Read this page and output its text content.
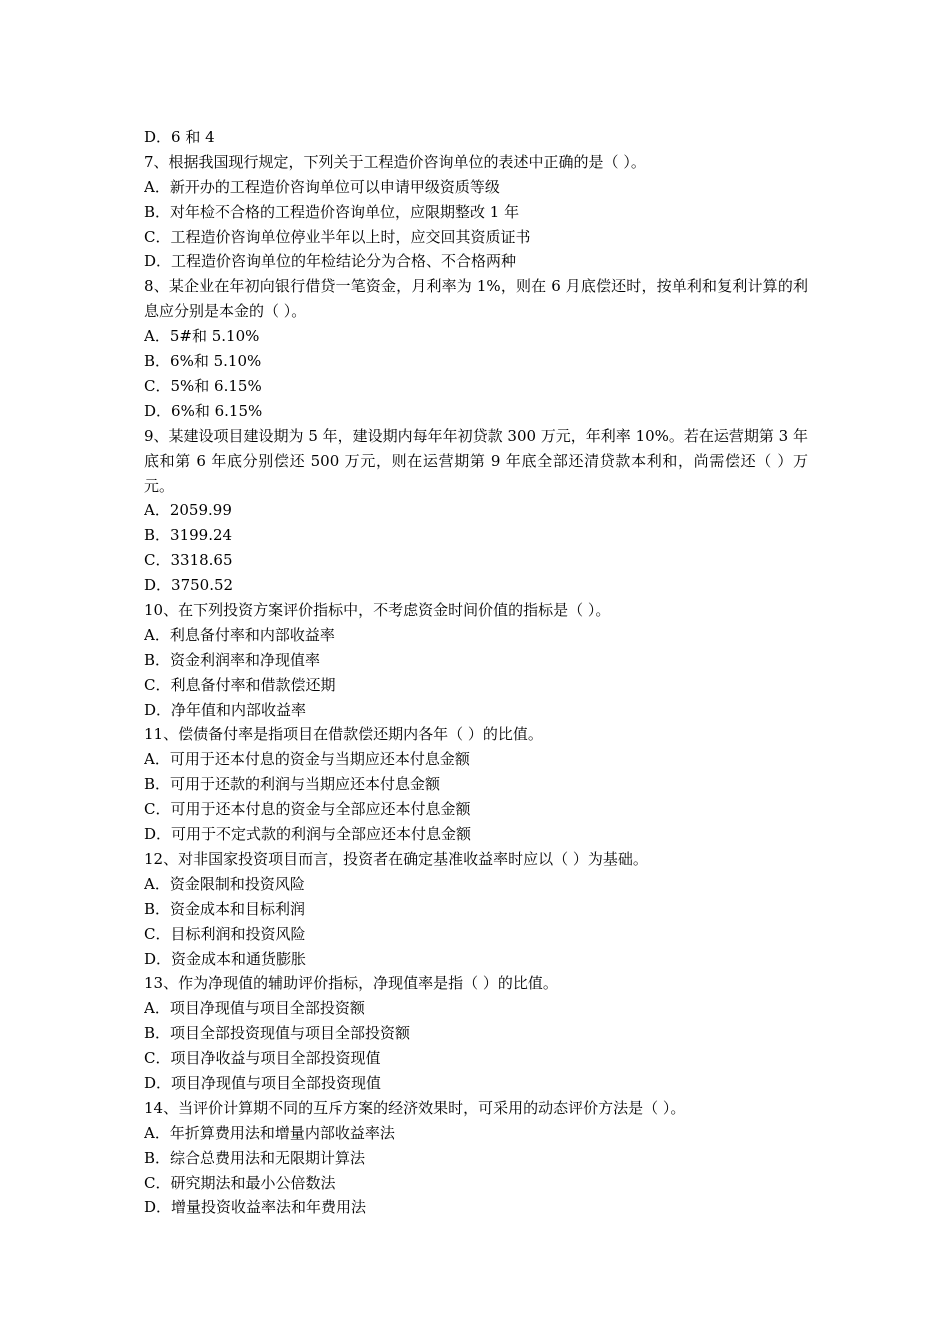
D．6 和 4
7、根据我国现行规定，下列关于工程造价咨询单位的表述中正确的是（ ）。
A．新开办的工程造价咨询单位可以申请甲级资质等级
B．对年检不合格的工程造价咨询单位，应限期整改 1 年
C．工程造价咨询单位停业半年以上时，应交回其资质证书
D．工程造价咨询单位的年检结论分为合格、不合格两种
8、某企业在年初向银行借贷一笔资金，月利率为 1%，则在 6 月底偿还时，按单利和复利计算的利息应分别是本金的（ ）。
A．5#和 5.10%
B．6%和 5.10%
C．5%和 6.15%
D．6%和 6.15%
9、某建设项目建设期为 5 年，建设期内每年年初贷款 300 万元，年利率 10%。若在运营期第 3 年底和第 6 年底分别偿还 500 万元，则在运营期第 9 年底全部还清贷款本利和，尚需偿还（ ）万元。
A．2059.99
B．3199.24
C．3318.65
D．3750.52
10、在下列投资方案评价指标中，不考虑资金时间价值的指标是（ ）。
A．利息备付率和内部收益率
B．资金利润率和净现值率
C．利息备付率和借款偿还期
D．净年值和内部收益率
11、偿债备付率是指项目在借款偿还期内各年（ ）的比值。
A．可用于还本付息的资金与当期应还本付息金额
B．可用于还款的利润与当期应还本付息金额
C．可用于还本付息的资金与全部应还本付息金额
D．可用于不定式款的利润与全部应还本付息金额
12、对非国家投资项目而言，投资者在确定基准收益率时应以（ ）为基础。
A．资金限制和投资风险
B．资金成本和目标利润
C．目标利润和投资风险
D．资金成本和通货膨胀
13、作为净现值的辅助评价指标，净现值率是指（ ）的比值。
A．项目净现值与项目全部投资额
B．项目全部投资现值与项目全部投资额
C．项目净收益与项目全部投资现值
D．项目净现值与项目全部投资现值
14、当评价计算期不同的互斥方案的经济效果时，可采用的动态评价方法是（ ）。
A．年折算费用法和增量内部收益率法
B．综合总费用法和无限期计算法
C．研究期法和最小公倍数法
D．增量投资收益率法和年费用法
